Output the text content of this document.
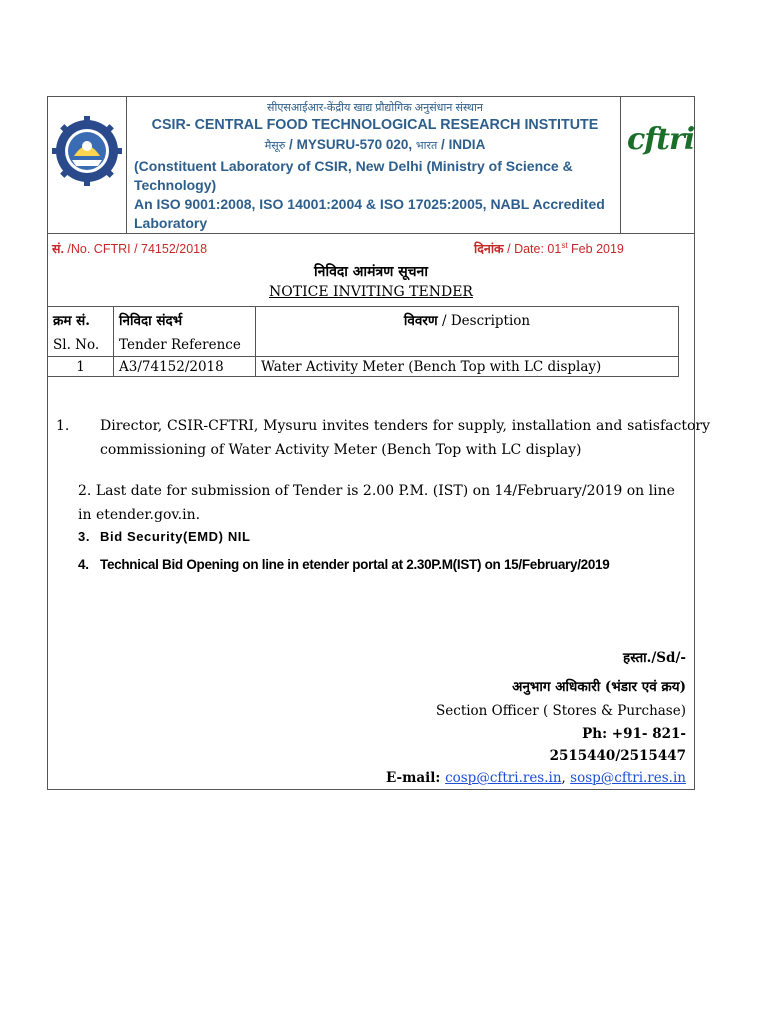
सीएसआईआर-केंद्रीय खाद्य प्रौद्योगिक अनुसंधान संस्थान
CSIR- CENTRAL FOOD TECHNOLOGICAL RESEARCH INSTITUTE
मैसूरु / MYSURU-570 020, भारत / INDIA
(Constituent Laboratory of CSIR, New Delhi (Ministry of Science & Technology)
An ISO 9001:2008, ISO 14001:2004 & ISO 17025:2005, NABL Accredited Laboratory
cftri
सं. /No. CFTRI / 74152/2018	दिनांक / Date: 01st Feb 2019
निविदा आमंत्रण सूचना
NOTICE INVITING TENDER
क्रम सं.	निविदा संदर्भ	विवरण / Description
Sl. No.	Tender Reference	
1	A3/74152/2018	Water Activity Meter (Bench Top with LC display)
1. Director, CSIR-CFTRI, Mysuru invites tenders for supply, installation and satisfactory commissioning of Water Activity Meter (Bench Top with LC display)
2. Last date for submission of Tender is 2.00 P.M. (IST) on 14/February/2019 on line in etender.gov.in.
3. Bid Security(EMD) NIL
4. Technical Bid Opening on line in etender portal at 2.30P.M(IST) on 15/February/2019
हस्ता./Sd/-
अनुभाग अधिकारी (भंडार एवं क्रय)
Section Officer ( Stores & Purchase)
Ph: +91- 821-
2515440/2515447
E-mail: cosp@cftri.res.in, sosp@cftri.res.in
